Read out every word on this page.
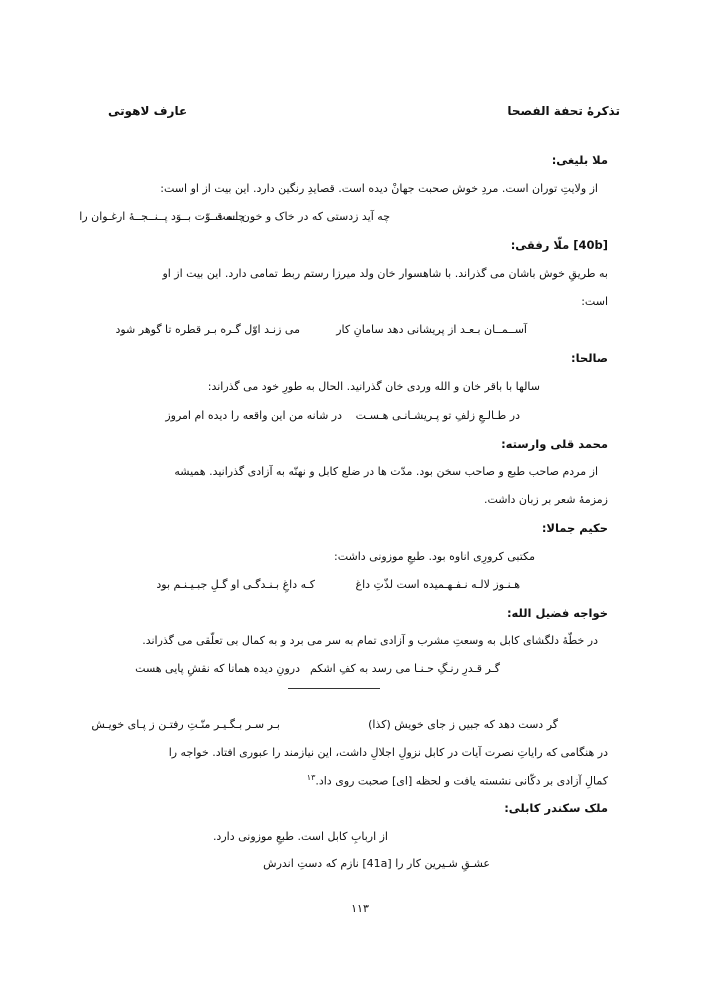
تذکرۀ تحفة الفصحا
عارف لاهوتی
ملا بلیغی:
از ولایتِ توران است. مردِ خوش صحبت جهانْ دیده است. قصایدِ رنگین دارد. این بیت از او است:
چه آید زدستی که در خاک و خون است
چــه قــوّت بــوَد پــنــجــۀ ارغـوان را
[40b] ملّا رفقی:
به طریقِ خوش باشان می گذراند. با شاهسوار خان ولد میرزا رستم ربط تمامی دارد. این بیت از او
است:
آســمــان بـعـد از پریشانی دهد سامانِ کار
می زنـد اوّل گـره بـر قطره تا گوهر شود
صالحا:
سالها با باقر خان و الله وردی خان گذرانید. الحال به طورِ خود می گذراند:
در طـالـعِ زلفِ تو پـریشـانـی هـسـت
در شانه من این واقعه را دیده ام امروز
محمد قلی وارسته:
از مردم صاحب طبع و صاحب سخن بود. مدّت ها در ضلع کابل و نهنّه به آزادی گذرانید. همیشه
زمزمۀ شعر بر زبان داشت.
حکیم جمالا:
مکتبی کرورِی اناوه بود. طبعِ موزونی داشت:
هـنـوز لالـه نـفـهـمیده است لذّتِ داغ
کـه داغِ بـنـدگـی او گـلِ جبـیـنـم بود
خواجه فضیل الله:
در خطّۀ دلگشای کابل به وسعتِ مشرب و آزادی تمام به سر می برد و به کمال بی تعلّقی می گذراند.
گـر قـدرِ رنـگِ حـنـا می رسد به کفِ اشکم
درونِ دیده همانا که نقشِ پایی هست
گر دست دهد که جبیں ز جای خویش (کذا)
بـر سـر بـگـیـر منّـتِ رفتـن ز پـای خویـش
در هنگامی که رایاتِ نصرت آیات در کابل نزولِ اجلالِ داشت، این نیازمند را عبوری افتاد. خواجه را
کمالِ آزادی بر دکّانی نشسته یافت و لحظه [ای] صحبت روی داد.$^{۱۳}$
ملک سکندر کابلی:
از اربابِ کابل است. طبعِ موزونی دارد.
عشـقِ شـیرین کار را [41a] نازم که دستِ اندرش
۱۱۳
